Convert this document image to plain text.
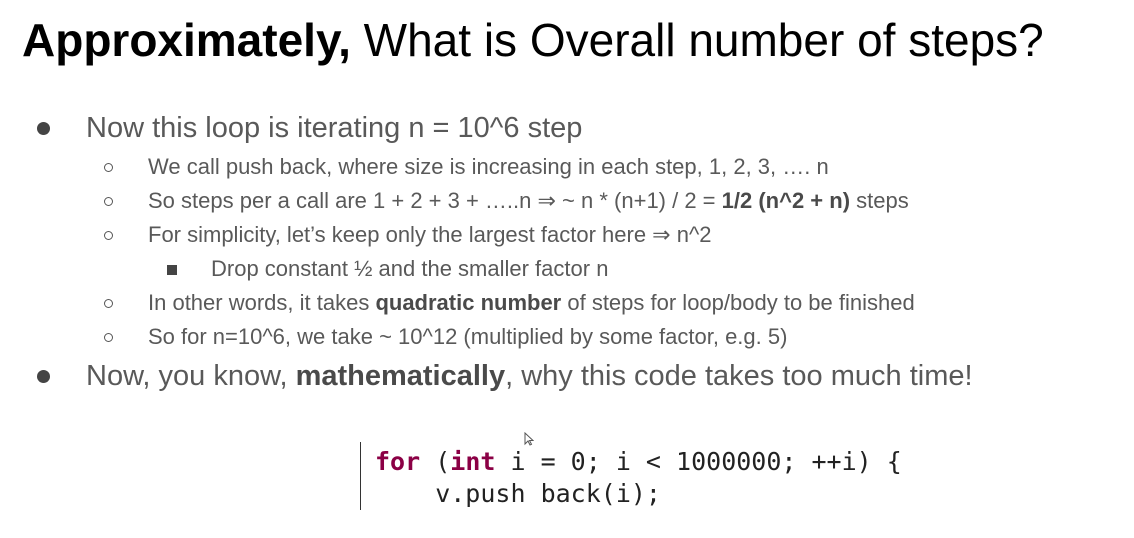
Approximately, What is Overall number of steps?
Now this loop is iterating n = 10^6 step
We call push back, where size is increasing in each step, 1, 2, 3, …. n
So steps per a call are 1 + 2 + 3 + …..n ⇒ ~ n * (n+1) / 2 = 1/2 (n^2 + n) steps
For simplicity, let’s keep only the largest factor here ⇒ n^2
Drop constant ½ and the smaller factor n
In other words, it takes quadratic number of steps for loop/body to be finished
So for n=10^6, we take ~ 10^12 (multiplied by some factor, e.g. 5)
Now, you know, mathematically, why this code takes too much time!

for (int i = 0; i < 1000000; ++i) {

v.push back(i);
